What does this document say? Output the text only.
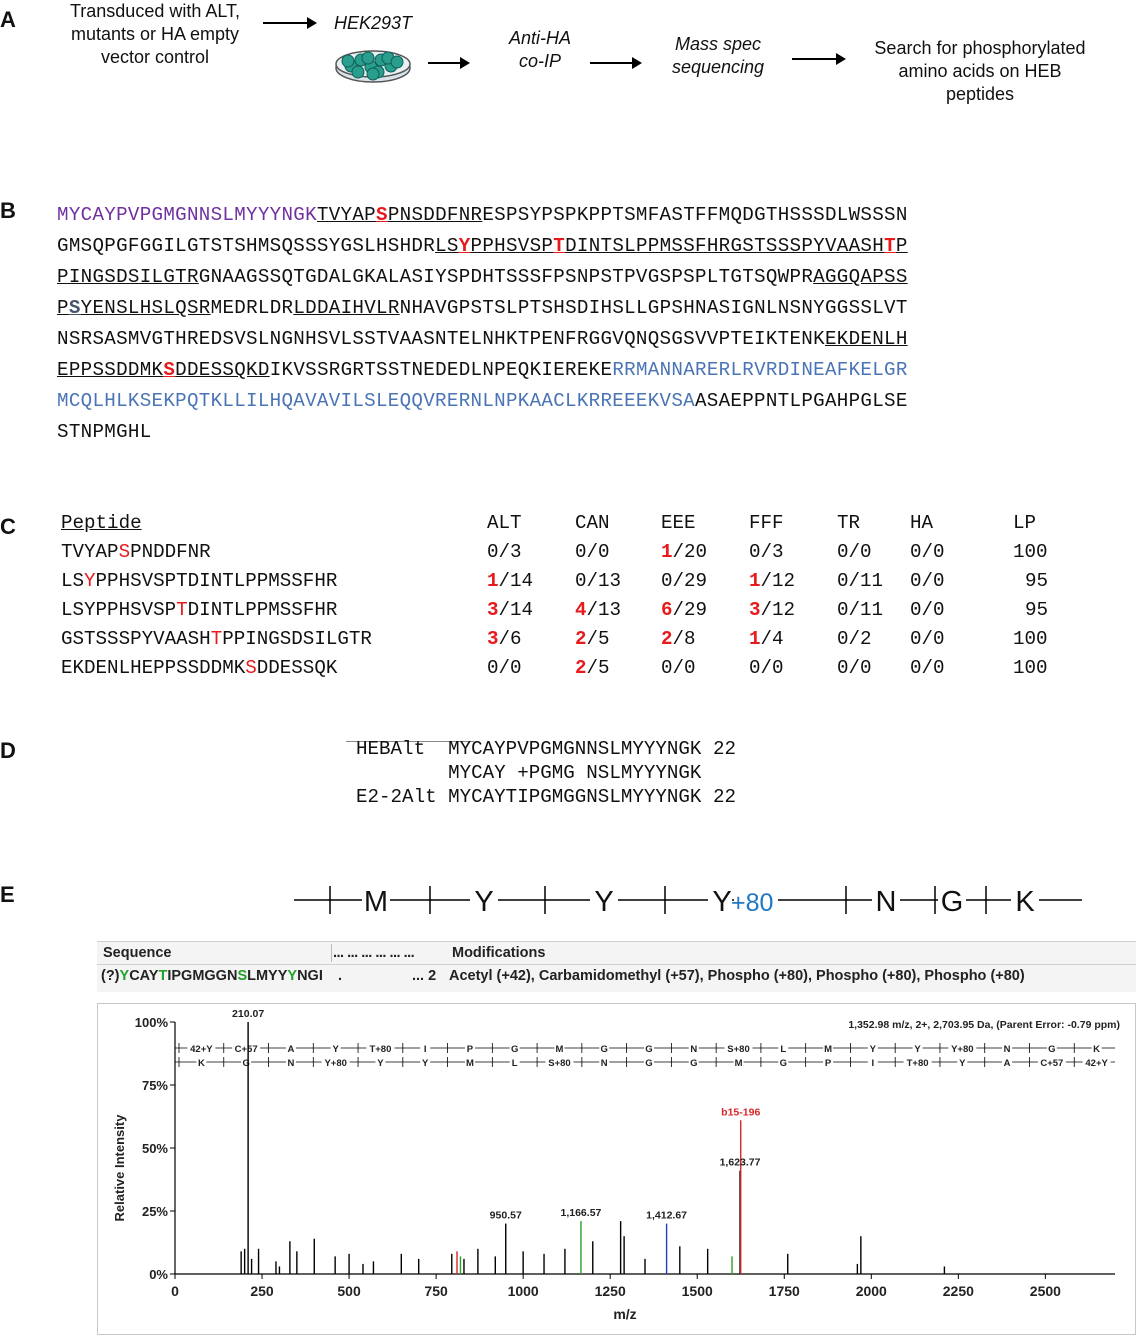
A
B
C
D
E
Transduced with ALT,
mutants or HA empty
vector control
HEK293T
Anti-HA
co-IP
Mass spec
sequencing
Search for phosphorylated
amino acids on HEB
peptides
MYCAYPVPGMGNNSLMYYYNGKTVYAPSPNSDDFNRESPSYPSPKPPTSMFASTFFMQDGTHSSSDLWSSSN
GMSQPGFGGILGTSTSHMSQSSSYGSLHSHDRLSYPPHSVSPTDINTSLPPMSSFHRGSTSSSPYVAASHTP
PINGSDSILGTRGNAAGSSQTGDALGKALASIYSPDHTSSSFPSNPSTPVGSPSPLTGTSQWPRAGGQAPSS
PSYENSLHSLQSRMEDRLDRLDDAIHVLRNHAVGPSTSLPTSHSDIHSLLGPSHNASIGNLNSNYGGSSLVT
NSRSASMVGTHREDSVSLNGNHSVLSSTVAASNTELNHKTPENFRGGVQNQSGSVVPTEIKTENKEKDENLH
EPPSSDDMKSDDESSQKDIKVSSRGRTSSTNEDEDLNPEQKIEREKERRMANNARERLRVRDINEAFKELGR
MCQLHLKSEKPQTKLLILHQAVAVILSLEQQVRERNLNPKAACLKRREEEKVSAASAEPPNTLPGAHPGLSE
STNPMGHL
Peptide	ALT	CAN	EEE	FFF	TR	HA	LP
TVYAPSPNDDFNR	0/3	0/0	1/20 0/3	0/0 0/0	100
LSYPPHSVSPTDINTLPPMSSFHR	1/14 0/13 0/29 1/12 0/11 0/0	95
LSYPPHSVSPTDINTLPPMSSFHR	3/14 4/13 6/29 3/12 0/11 0/0	95
GSTSSSPYVAASHTPPINGSDSILGTR	3/6	2/5	2/8	1/4	0/2 0/0	100
EKDENLHEPPSSDDMKSDDESSQK	0/0	2/5	0/0	0/0	0/0 0/0	100
HEBAlt  MYCAYPVPGMGNNSLMYYYNGK 22
MYCAY +PGMG NSLMYYYNGK
E2-2Alt MYCAYTIPGMGGNSLMYYYNGK 22
M	Y	Y	Y	N G K
+80
Sequence	... ... ... ... ... ...	Modifications
(?)YCAYTIPGMGGNSLMYYYNGI .	... 2 Acetyl (+42), Carbamidomethyl (+57), Phospho (+80), Phospho (+80), Phospho (+80)
0	250	500	750	1000	1250	1500	1750	2000	2250	2500
0%
25%
50%
75%
100%
m/z
Relative Intensity
1,352.98 m/z, 2+, 2,703.95 Da, (Parent Error: -0.79 ppm)
42+Y C+57	A	Y	T+80	I	P	G	M	G	G	N	S+80	L	M	Y	Y	Y+80	N	G	K
K	G	N	Y+80	Y	Y	M	L	S+80	N	G	G	M	G	P	I	T+80	Y	A	C+57 42+Y
210.07
950.57	1,166.57	1,412.67
1,623.77
b15-196
